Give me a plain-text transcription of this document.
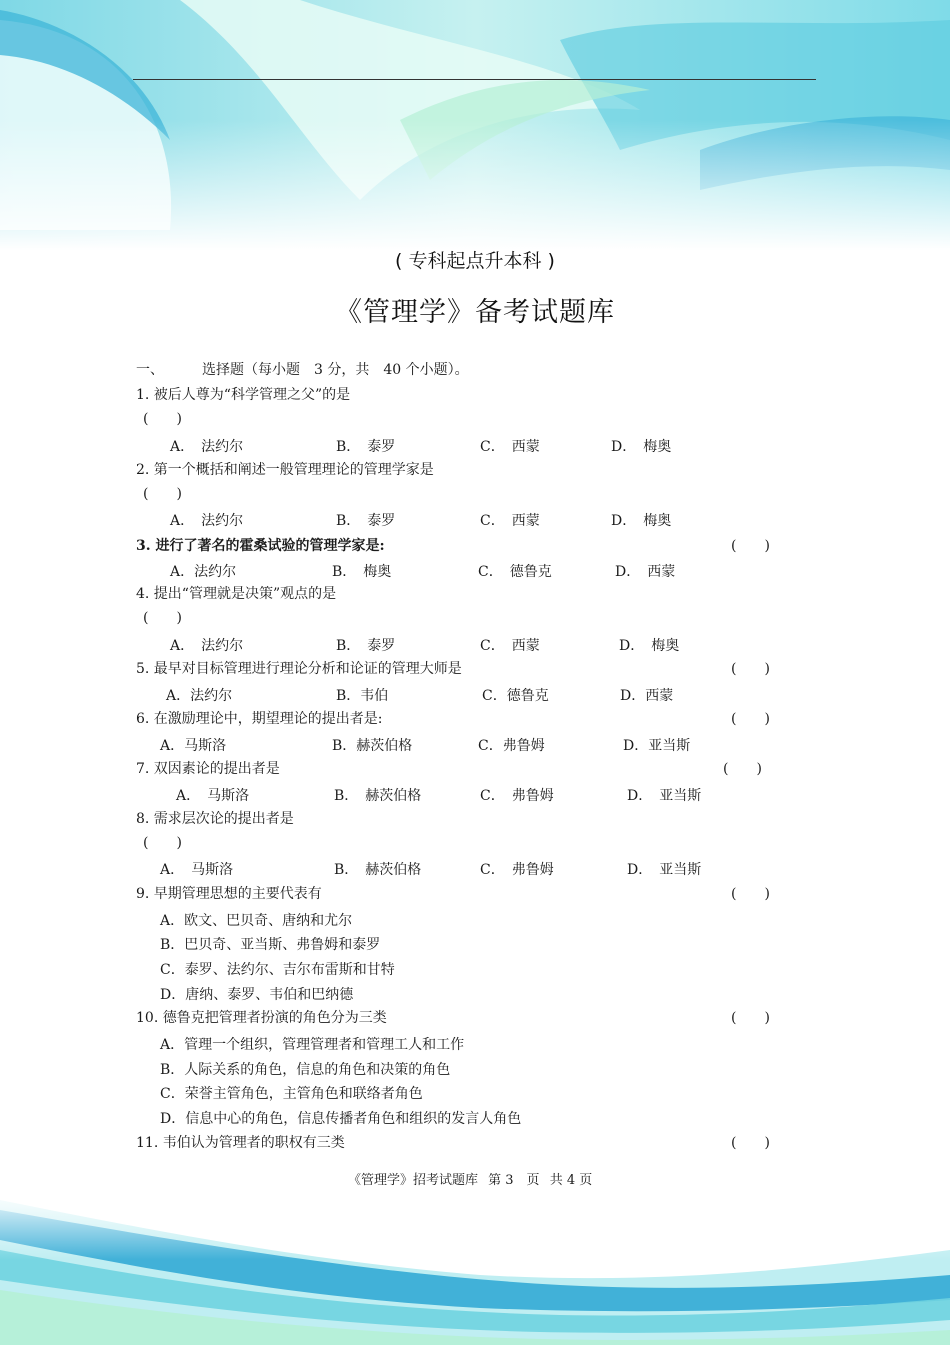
( 专科起点升本科 )
《管理学》备考试题库
一、	选择题（每小题　3 分，共　40 个小题）。
1. 被后人尊为“科学管理之父”的是
(　　)
A．　法约尔	B．　泰罗	C．　西蒙	D．　梅奥
2. 第一个概括和阐述一般管理理论的管理学家是
(　　)
A．　法约尔	B．　泰罗	C．　西蒙	D．　梅奥
3. 进行了著名的霍桑试验的管理学家是:	(　　)
A．法约尔	B．　梅奥	C．　德鲁克	D．　西蒙
4. 提出“管理就是决策”观点的是
(　　)
A．　法约尔	B．　泰罗	C．　西蒙	D．　梅奥
5. 最早对目标管理进行理论分析和论证的管理大师是	(　　)
A．法约尔	B．韦伯	C．德鲁克	D．西蒙
6. 在激励理论中，期望理论的提出者是:	(　　)
A．马斯洛	B．赫茨伯格	C．弗鲁姆	D．亚当斯
7. 双因素论的提出者是	(　　)
A．　马斯洛	B．　赫茨伯格	C．　弗鲁姆	D．　亚当斯
8. 需求层次论的提出者是
(　　)
A．　马斯洛	B．　赫茨伯格	C．　弗鲁姆	D．　亚当斯
9. 早期管理思想的主要代表有	(　　)
A．欧文、巴贝奇、唐纳和尤尔
B．巴贝奇、亚当斯、弗鲁姆和泰罗
C．泰罗、法约尔、吉尔布雷斯和甘特
D．唐纳、泰罗、韦伯和巴纳德
10. 德鲁克把管理者扮演的角色分为三类	(　　)
A．管理一个组织，管理管理者和管理工人和工作
B．人际关系的角色，信息的角色和决策的角色
C．荣誉主管角色，主管角色和联络者角色
D．信息中心的角色，信息传播者角色和组织的发言人角色
11. 韦伯认为管理者的职权有三类	(　　)
《管理学》招考试题库 第 3　页 共 4 页
